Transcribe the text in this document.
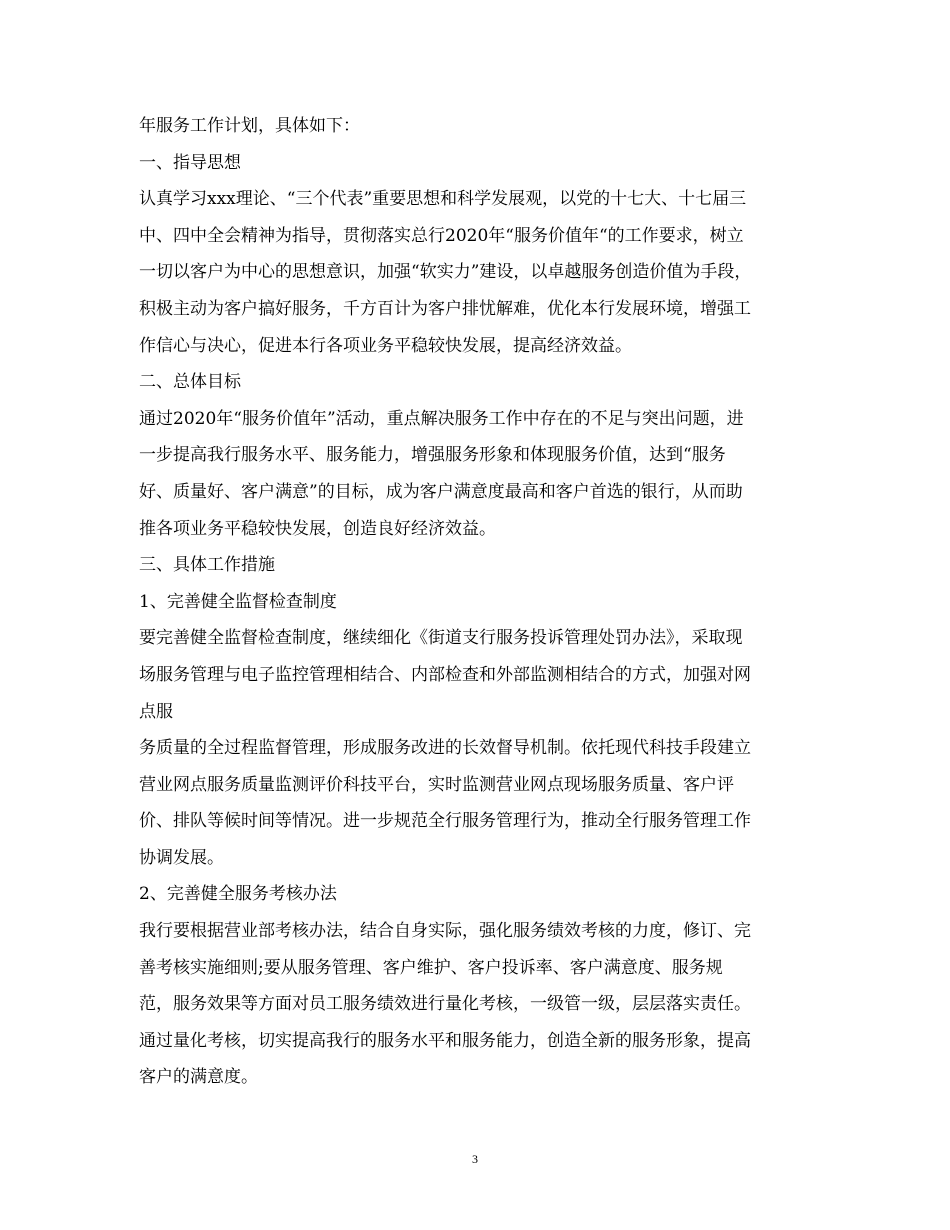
年服务工作计划，具体如下：
一、指导思想
认真学习xxx理论、“三个代表”重要思想和科学发展观，以党的十七大、十七届三
中、四中全会精神为指导，贯彻落实总行2020年“服务价值年“的工作要求，树立
一切以客户为中心的思想意识，加强“软实力”建设，以卓越服务创造价值为手段，
积极主动为客户搞好服务，千方百计为客户排忧解难，优化本行发展环境，增强工
作信心与决心，促进本行各项业务平稳较快发展，提高经济效益。
二、总体目标
通过2020年“服务价值年”活动，重点解决服务工作中存在的不足与突出问题，进
一步提高我行服务水平、服务能力，增强服务形象和体现服务价值，达到“服务
好、质量好、客户满意”的目标，成为客户满意度最高和客户首选的银行，从而助
推各项业务平稳较快发展，创造良好经济效益。
三、具体工作措施
1、完善健全监督检查制度
要完善健全监督检查制度，继续细化《街道支行服务投诉管理处罚办法》，采取现
场服务管理与电子监控管理相结合、内部检查和外部监测相结合的方式，加强对网
点服
务质量的全过程监督管理，形成服务改进的长效督导机制。依托现代科技手段建立
营业网点服务质量监测评价科技平台，实时监测营业网点现场服务质量、客户评
价、排队等候时间等情况。进一步规范全行服务管理行为，推动全行服务管理工作
协调发展。
2、完善健全服务考核办法
我行要根据营业部考核办法，结合自身实际，强化服务绩效考核的力度，修订、完
善考核实施细则;要从服务管理、客户维护、客户投诉率、客户满意度、服务规
范，服务效果等方面对员工服务绩效进行量化考核，一级管一级，层层落实责任。
通过量化考核，切实提高我行的服务水平和服务能力，创造全新的服务形象，提高
客户的满意度。
3
